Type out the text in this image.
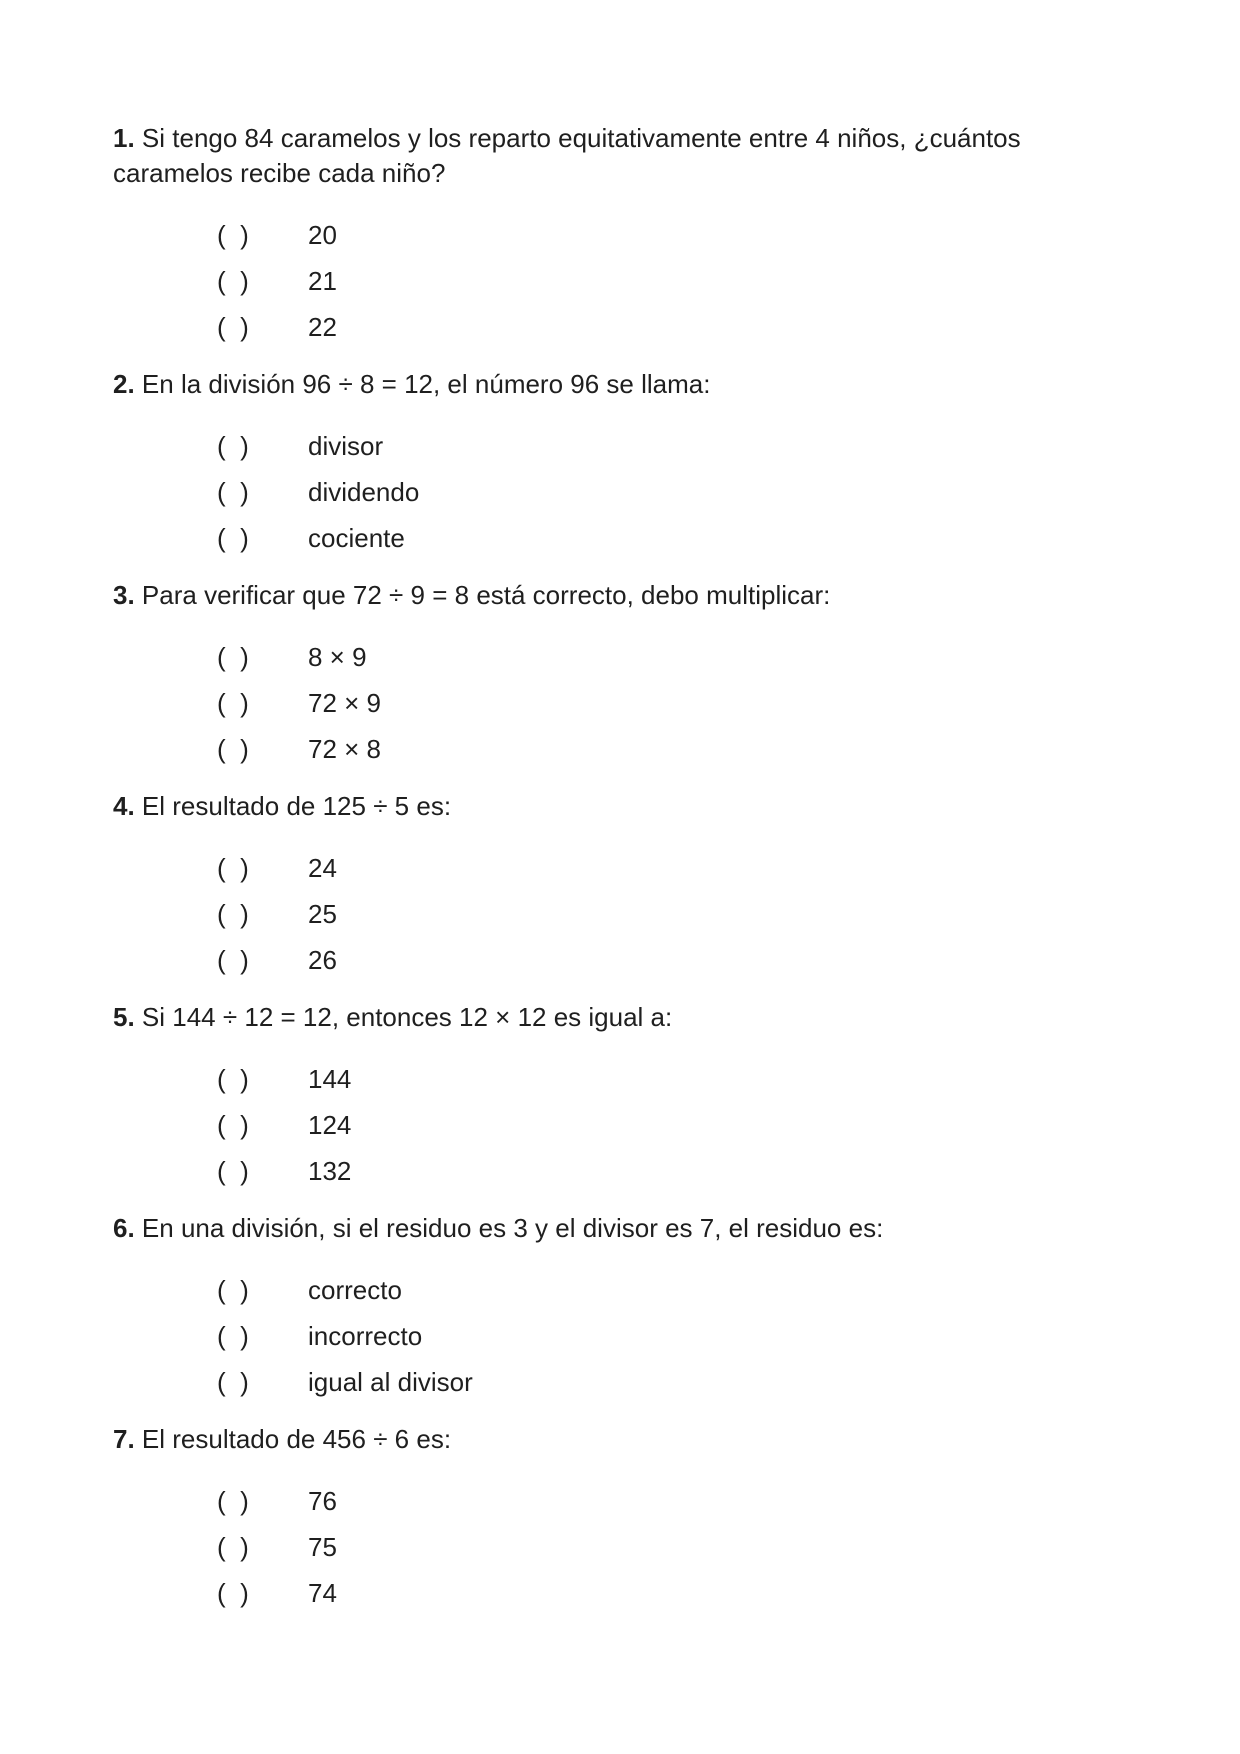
1. Si tengo 84 caramelos y los reparto equitativamente entre 4 niños, ¿cuántos caramelos recibe cada niño?

(  ) 20
(  ) 21
(  ) 22

2. En la división 96 ÷ 8 = 12, el número 96 se llama:

(  ) divisor
(  ) dividendo
(  ) cociente

3. Para verificar que 72 ÷ 9 = 8 está correcto, debo multiplicar:

(  ) 8 × 9
(  ) 72 × 9
(  ) 72 × 8

4. El resultado de 125 ÷ 5 es:

(  ) 24
(  ) 25
(  ) 26

5. Si 144 ÷ 12 = 12, entonces 12 × 12 es igual a:

(  ) 144
(  ) 124
(  ) 132

6. En una división, si el residuo es 3 y el divisor es 7, el residuo es:

(  ) correcto
(  ) incorrecto
(  ) igual al divisor

7. El resultado de 456 ÷ 6 es:

(  ) 76
(  ) 75
(  ) 74
